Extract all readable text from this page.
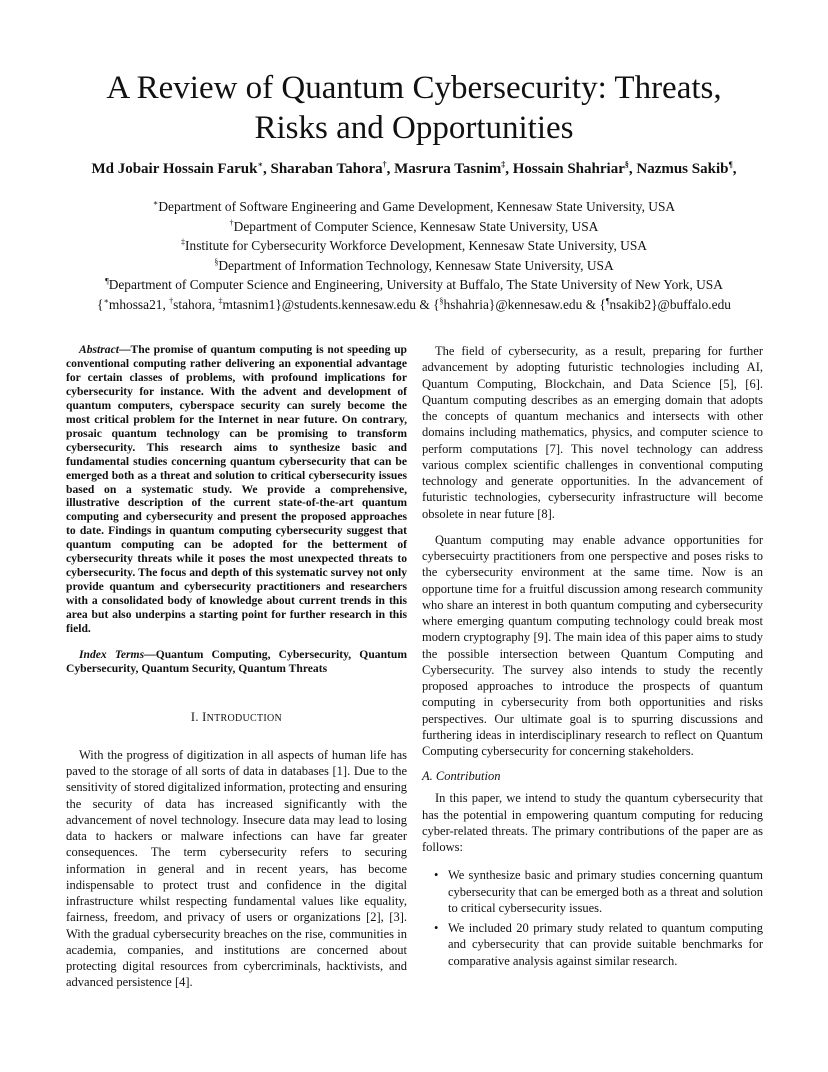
A Review of Quantum Cybersecurity: Threats,
Risks and Opportunities

Md Jobair Hossain Faruk∗, Sharaban Tahora†, Masrura Tasnim‡, Hossain Shahriar§, Nazmus Sakib¶,

∗Department of Software Engineering and Game Development, Kennesaw State University, USA
†Department of Computer Science, Kennesaw State University, USA
‡Institute for Cybersecurity Workforce Development, Kennesaw State University, USA
§Department of Information Technology, Kennesaw State University, USA
¶Department of Computer Science and Engineering, University at Buffalo, The State University of New York, USA

{∗mhossa21, †stahora, ‡mtasnim1}@students.kennesaw.edu & {§hshahria}@kennesaw.edu & {¶nsakib2}@buffalo.edu

Abstract—The promise of quantum computing is not speeding up conventional computing rather delivering an exponential advantage for certain classes of problems, with profound implications for cybersecurity for instance. With the advent and development of quantum computers, cyberspace security can surely become the most critical problem for the Internet in near future. On contrary, prosaic quantum technology can be promising to transform cybersecurity. This research aims to synthesize basic and fundamental studies concerning quantum cybersecurity that can be emerged both as a threat and solution to critical cybersecurity issues based on a systematic study. We provide a comprehensive, illustrative description of the current state-of-the-art quantum computing and cybersecurity and present the proposed approaches to date. Findings in quantum computing cybersecurity suggest that quantum computing can be adopted for the betterment of cybersecurity threats while it poses the most unexpected threats to cybersecurity. The focus and depth of this systematic survey not only provide quantum and cybersecurity practitioners and researchers with a consolidated body of knowledge about current trends in this area but also underpins a starting point for further research in this field.

Index Terms—Quantum Computing, Cybersecurity, Quantum Cybersecurity, Quantum Security, Quantum Threats

I. INTRODUCTION

With the progress of digitization in all aspects of human life has paved to the storage of all sorts of data in databases [1]. Due to the sensitivity of stored digitalized information, protecting and ensuring the security of data has increased significantly with the advancement of novel technology. Insecure data may lead to losing data to hackers or malware infections can have far greater consequences. The term cybersecurity refers to securing information in general and in recent years, has become indispensable to protect trust and confidence in the digital infrastructure whilst respecting fundamental values like equality, fairness, freedom, and privacy of users or organizations [2], [3]. With the gradual cybersecurity breaches on the rise, communities in academia, companies, and institutions are concerned about protecting digital resources from cybercriminals, hacktivists, and advanced persistence [4].

The field of cybersecurity, as a result, preparing for further advancement by adopting futuristic technologies including AI, Quantum Computing, Blockchain, and Data Science [5], [6]. Quantum computing describes as an emerging domain that adopts the concepts of quantum mechanics and intersects with other domains including mathematics, physics, and computer science to perform computations [7]. This novel technology can address various complex scientific challenges in conventional computing technology and generate opportunities. In the advancement of futuristic technologies, cybersecurity infrastructure will become obsolete in near future [8].

Quantum computing may enable advance opportunities for cybersecuirty practitioners from one perspective and poses risks to the cybersecurity environment at the same time. Now is an opportune time for a fruitful discussion among research community who share an interest in both quantum computing and cybersecurity where emerging quantum computing technology could break most modern cryptography [9]. The main idea of this paper aims to study the possible intersection between Quantum Computing and Cybersecurity. The survey also intends to study the recently proposed approaches to introduce the prospects of quantum computing in cybersecurity from both opportunities and risks perspectives. Our ultimate goal is to spurring discussions and furthering ideas in interdisciplinary research to reflect on Quantum Computing cybersecurity for concerning stakeholders.

A. Contribution

In this paper, we intend to study the quantum cybersecurity that has the potential in empowering quantum computing for reducing cyber-related threats. The primary contributions of the paper are as follows:

• We synthesize basic and primary studies concerning quantum cybersecurity that can be emerged both as a threat and solution to critical cybersecurity issues.
• We included 20 primary study related to quantum computing and cybersecurity that can provide suitable benchmarks for comparative analysis against similar research.
